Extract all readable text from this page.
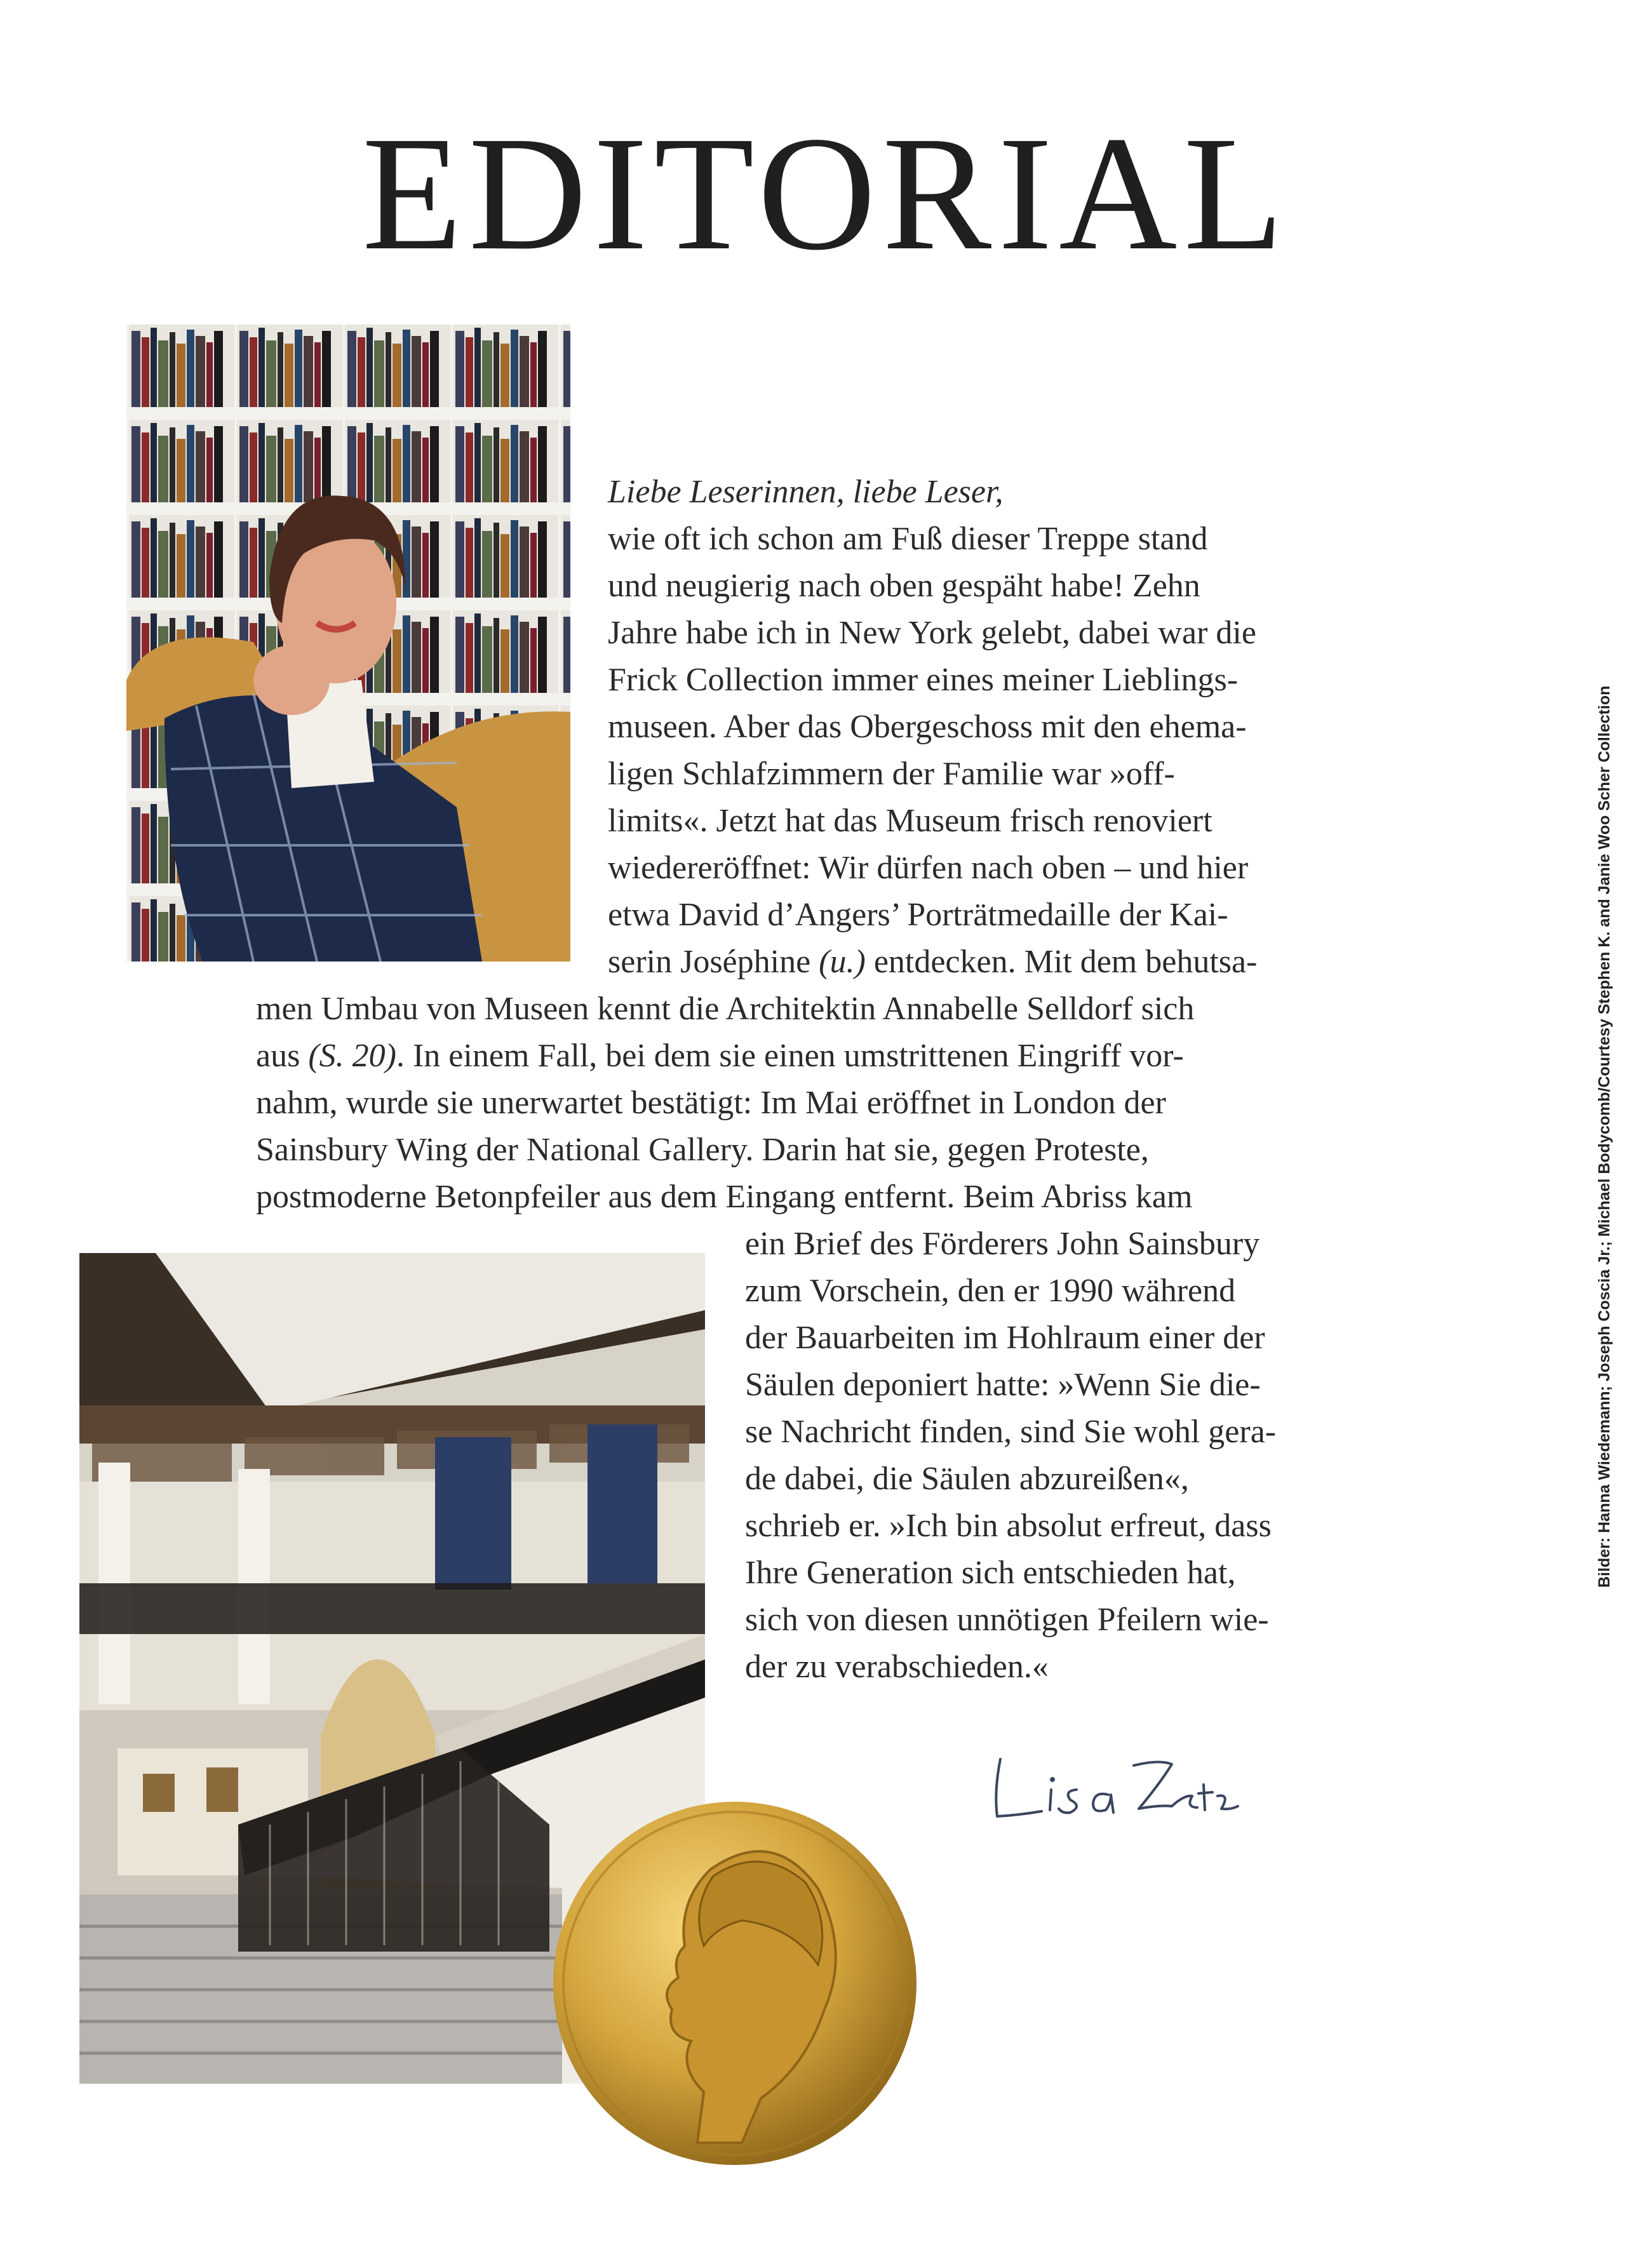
EDITORIAL
Liebe Leserinnen, liebe Leser,
wie oft ich schon am Fuß dieser Treppe stand
und neugierig nach oben gespäht habe! Zehn
Jahre habe ich in New York gelebt, dabei war die
Frick Collection immer eines meiner Lieblings-
museen. Aber das Obergeschoss mit den ehema-
ligen Schlafzimmern der Familie war »off-
limits«. Jetzt hat das Museum frisch renoviert
wiedereröffnet: Wir dürfen nach oben – und hier
etwa David d’Angers’ Porträtmedaille der Kai-
serin Joséphine (u.) entdecken. Mit dem behutsa-
men Umbau von Museen kennt die Architektin Annabelle Selldorf sich
aus (S. 20). In einem Fall, bei dem sie einen umstrittenen Eingriff vor-
nahm, wurde sie unerwartet bestätigt: Im Mai eröffnet in London der
Sainsbury Wing der National Gallery. Darin hat sie, gegen Proteste,
postmoderne Betonpfeiler aus dem Eingang entfernt. Beim Abriss kam
ein Brief des Förderers John Sainsbury
zum Vorschein, den er 1990 während
der Bauarbeiten im Hohlraum einer der
Säulen deponiert hatte: »Wenn Sie die-
se Nachricht finden, sind Sie wohl gera-
de dabei, die Säulen abzureißen«,
schrieb er. »Ich bin absolut erfreut, dass
Ihre Generation sich entschieden hat,
sich von diesen unnötigen Pfeilern wie-
der zu verabschieden.«
Bilder: Hanna Wiedemann; Joseph Coscia Jr.; Michael Bodycomb/Courtesy Stephen K. and Janie Woo Scher Collection
